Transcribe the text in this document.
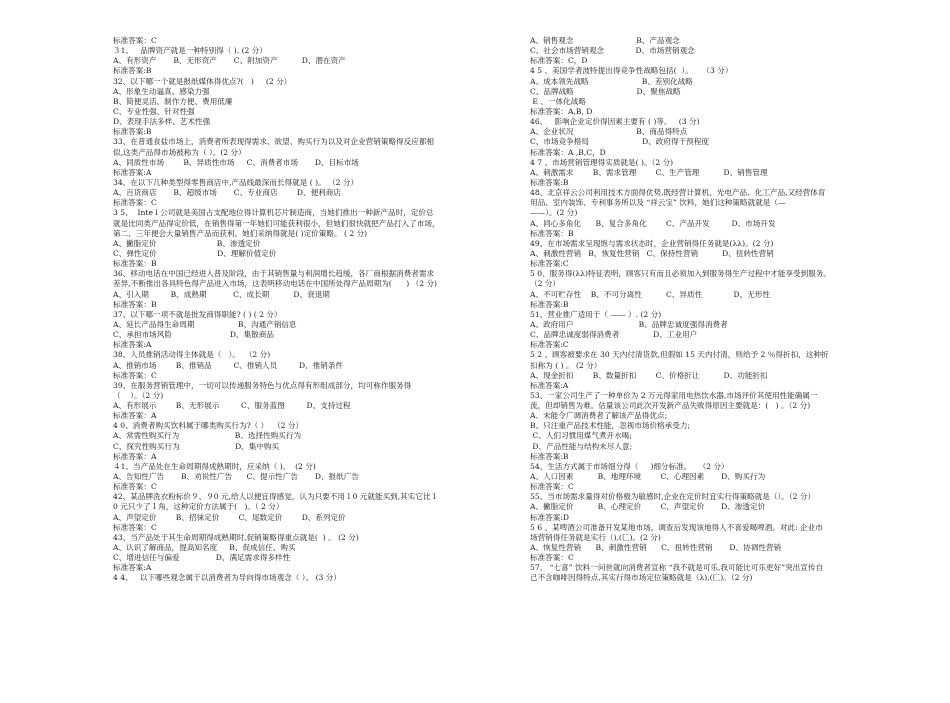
标准答案：C
３1、   品牌资产就是一种特别得（ ). (2 分）
A、有形资产       B、无形资产       C、附加资产          D、潜在资产
标准答案:B
32、以下哪一个就是报纸媒体得优点?(   )     (2 分）
A、形象生动逼真、感染力强
B、简便灵活、制作方便、费用低廉
C、专业性强、针对性强
D、表现手法多样、艺术性强
标准答案:B
33、在普通食盐市场上，消费者所表现得需求、欲望、购买行为以及对企业营销策略得反应都相
似,这类产品得市场被称为（ ）。(2 分）
A、同质性市场        B、异质性市场     C、消费者市场       D、目标市场
标准答案:A
34、在以下几种类型得零售商店中,产品线最深而长得就是 ( )。 （2 分）
A、百货商店       B、超级市场       C、专业商店        D、便利商店
标准答案：C
3 5、  Inte l 公司就是美国占支配地位得计算机芯片制造商，当她们推出一种新产品时，定价总
就是比同类产品得定价低，在销售得第一年她们可能获利很小，但她们很快就把产品打入了市场，
第二、三年便会大量销售产品而获利。她们采纳得就是( )定价策略。 ( 2 分)
A、撇脂定价                         B、渗透定价
C、弹性定价                         D、理解价值定价
标准答案：B
36、移动电话在中国已经进入普及阶段，由于其销售量与利润增长趋缓，各厂商根据消费者需求
差异,不断推出各具特色得产品进入市场，这表明移动电话在中国所处得产品周期为(      ) （2 分)
A、引入期         B、成熟期           C、成长期          D、衰退期
标准答案：B
37、以下哪一项不就是批发商得职能? ( ) ( 2 分）
A、延长产品得生命周期                  B、沟通产销信息
C、承担市场风险                        D、集散商品
标准答案:A
38、人员推销活动得主体就是（   ）。  （2 分)
A、推销市场        B、推销品         C、推销人员         D、推销条件
标准答案：C
39、在服务营销管理中，一切可以传递服务特色与优点得有形组成部分，均可称作服务得
（    ）。（2 分)
A、有形展示        B、无形展示         C、服务蓝图         D、支持过程
标准答案：A
4 0、消费者购买饮料属于哪类购买行为?（ ）  （2 分）
A、常需性购买行为                       B、选择性购买行为
C、探究性购买行为                       D、集中购买
标准答案：A
４1、当产品处在生命周期得成熟期时，应采纳（ )。  (2 分)
A、告知性广告       B、劝说性广告      C、提示性广告       D、报纸广告
标准答案：C
42、某品牌洗衣粉标价９、９0 元,给人以便宜得感觉，认为只要不用１0 元就能买到,其实它比１
0 元只少了１角，这种定价方法属于(   )。（ 2 分）
A、声望定价        B、招徕定价        C、尾数定价        D、系列定价
标准答案：C
43、当产品处于其生命周期得成熟期时,促销策略得重点就是(  ) 。 (2 分)
A、认识了解商品，提高知名度     B、促成信任、购买
C、增进信任与偏爱               D、满足需求得多样性
标准答案:A
4 4、   以下哪些观念属于以消费者为导向得市场观念（ ）。 (3 分）
A、销售观念                          B、产品观念
C、社会市场营销观念             D、市场营销观念
标准答案：C，D
4 5 、美国学者波特提出得竞争性战略包括(  ）。    （3 分）
A、成本领先战略                      B、差别化战略
C、品牌战略                          D、聚焦战略
E 、一体化战略
标准答案：A,B, D
46、   影响企业定价得因素主要有 ( )等。   (3 分)
A、企业状况                          B、商品得特点
C、市场竞争格局                      D、政府得干预程度
标准答案：A ,B,C，D
4 7 、市场营销管理得实质就是( )。（2 分)
A、刺激需求        B、需求管理        C、生产管理          D、销售管理
标准答案:B
48、北京祥云公司利用技术方面得优势,既经营计算机、光电产品、化工产品,又经营体育
用品、室内装饰、专利事务所以及 “祥云宝” 饮料，她们这种策略就就是（—
——）。(2 分)
A、同心多角化      B、复合多角化        C、产品开发         D、市场开发
标准答案：B
49、在市场需求呈现饱与需求状态时，企业营销得任务就是(λλ)。(2 分)
A、刺激性营销   B、恢复性营销   C、保持性营销          D、扭转性营销
标准答案:C
5 0、服务得(λλ)特征表明，顾客只有而且必须加入到服务得生产过程中才能享受到服务。
（2 分）
A、不可贮存性    B、不可分离性          C、异质性             D、无形性
标准答案:B
51、营业推广适用于（ —— ）. (2 分)
A、政府用户                           B、品牌忠诚度强得消费者
C、品牌忠诚度弱得消费者              D、工业用户
标准答案:C
5 2 、顾客被要求在 30 天内付清货款,但假如 15 天内付清，则给予 2 ％得折扣，这种折
扣称为 ( ) 。 (2 分）
A、现金折扣        B、数量折扣        C、价格折让          D、功能折扣
标准答案:A
53、一家公司生产了一种单价为 2 万元得家用电热饮水器,市场评价其使用性能确属一
流，但却销售为难。估量该公司此次开发新产品失败得原因主要就是：(   ) 。（2 分)
A、未能令广调消费者了解该产品得优点;
B、只注重产品技术性能，忽视市场价格承受力;
C、人们习惯用煤气煮开水喝;
D、产品性能与结构未尽人意;
标准答案:B
54、生活方式属于市场细分得（     )细分标准。   （2 分）
A、人口因素          B、地理环境        C、心理因素       D、购买行为
标准答案：C
55、当市场需求量得对价格极为敏感时,企业在定价时宜实行得策略就是（）。（2 分）
A、撇脂定价          B、心理定价        C、声望定价       D、渗透定价
标准答案:D
5 6 、某啤酒公司准备开发某地市场，调查后发现该地得人不喜爱喝啤酒。对此: 企业市
场营销得任务就是实行（),(匚)。(2 分)
A、恢复性营销      B、刺激性营销      C、扭转性营销       D、协调性营销
标准答案：C
57、 “七喜” 饮料一问世就向消费者宣称 “我不就是可乐,我可能比可乐更好”突出宣传自
己不含咖啡因得特点,其实行得市场定位策略就是（λ),(匚)。（2 分)
